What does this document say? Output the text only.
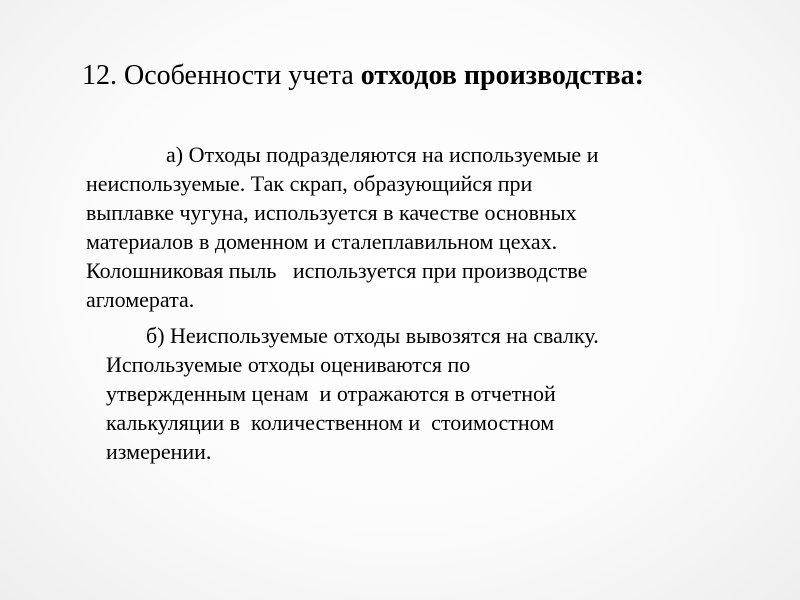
12. Особенности учета отходов производства:

а) Отходы подразделяются на используемые и
неиспользуемые. Так скрап, образующийся при
выплавке чугуна, используется в качестве основных
материалов в доменном и сталеплавильном цехах.
Колошниковая пыль   используется при производстве
агломерата.

б) Неиспользуемые отходы вывозятся на свалку.
Используемые отходы оцениваются по
утвержденным ценам  и отражаются в отчетной
калькуляции в  количественном и  стоимостном
измерении.
